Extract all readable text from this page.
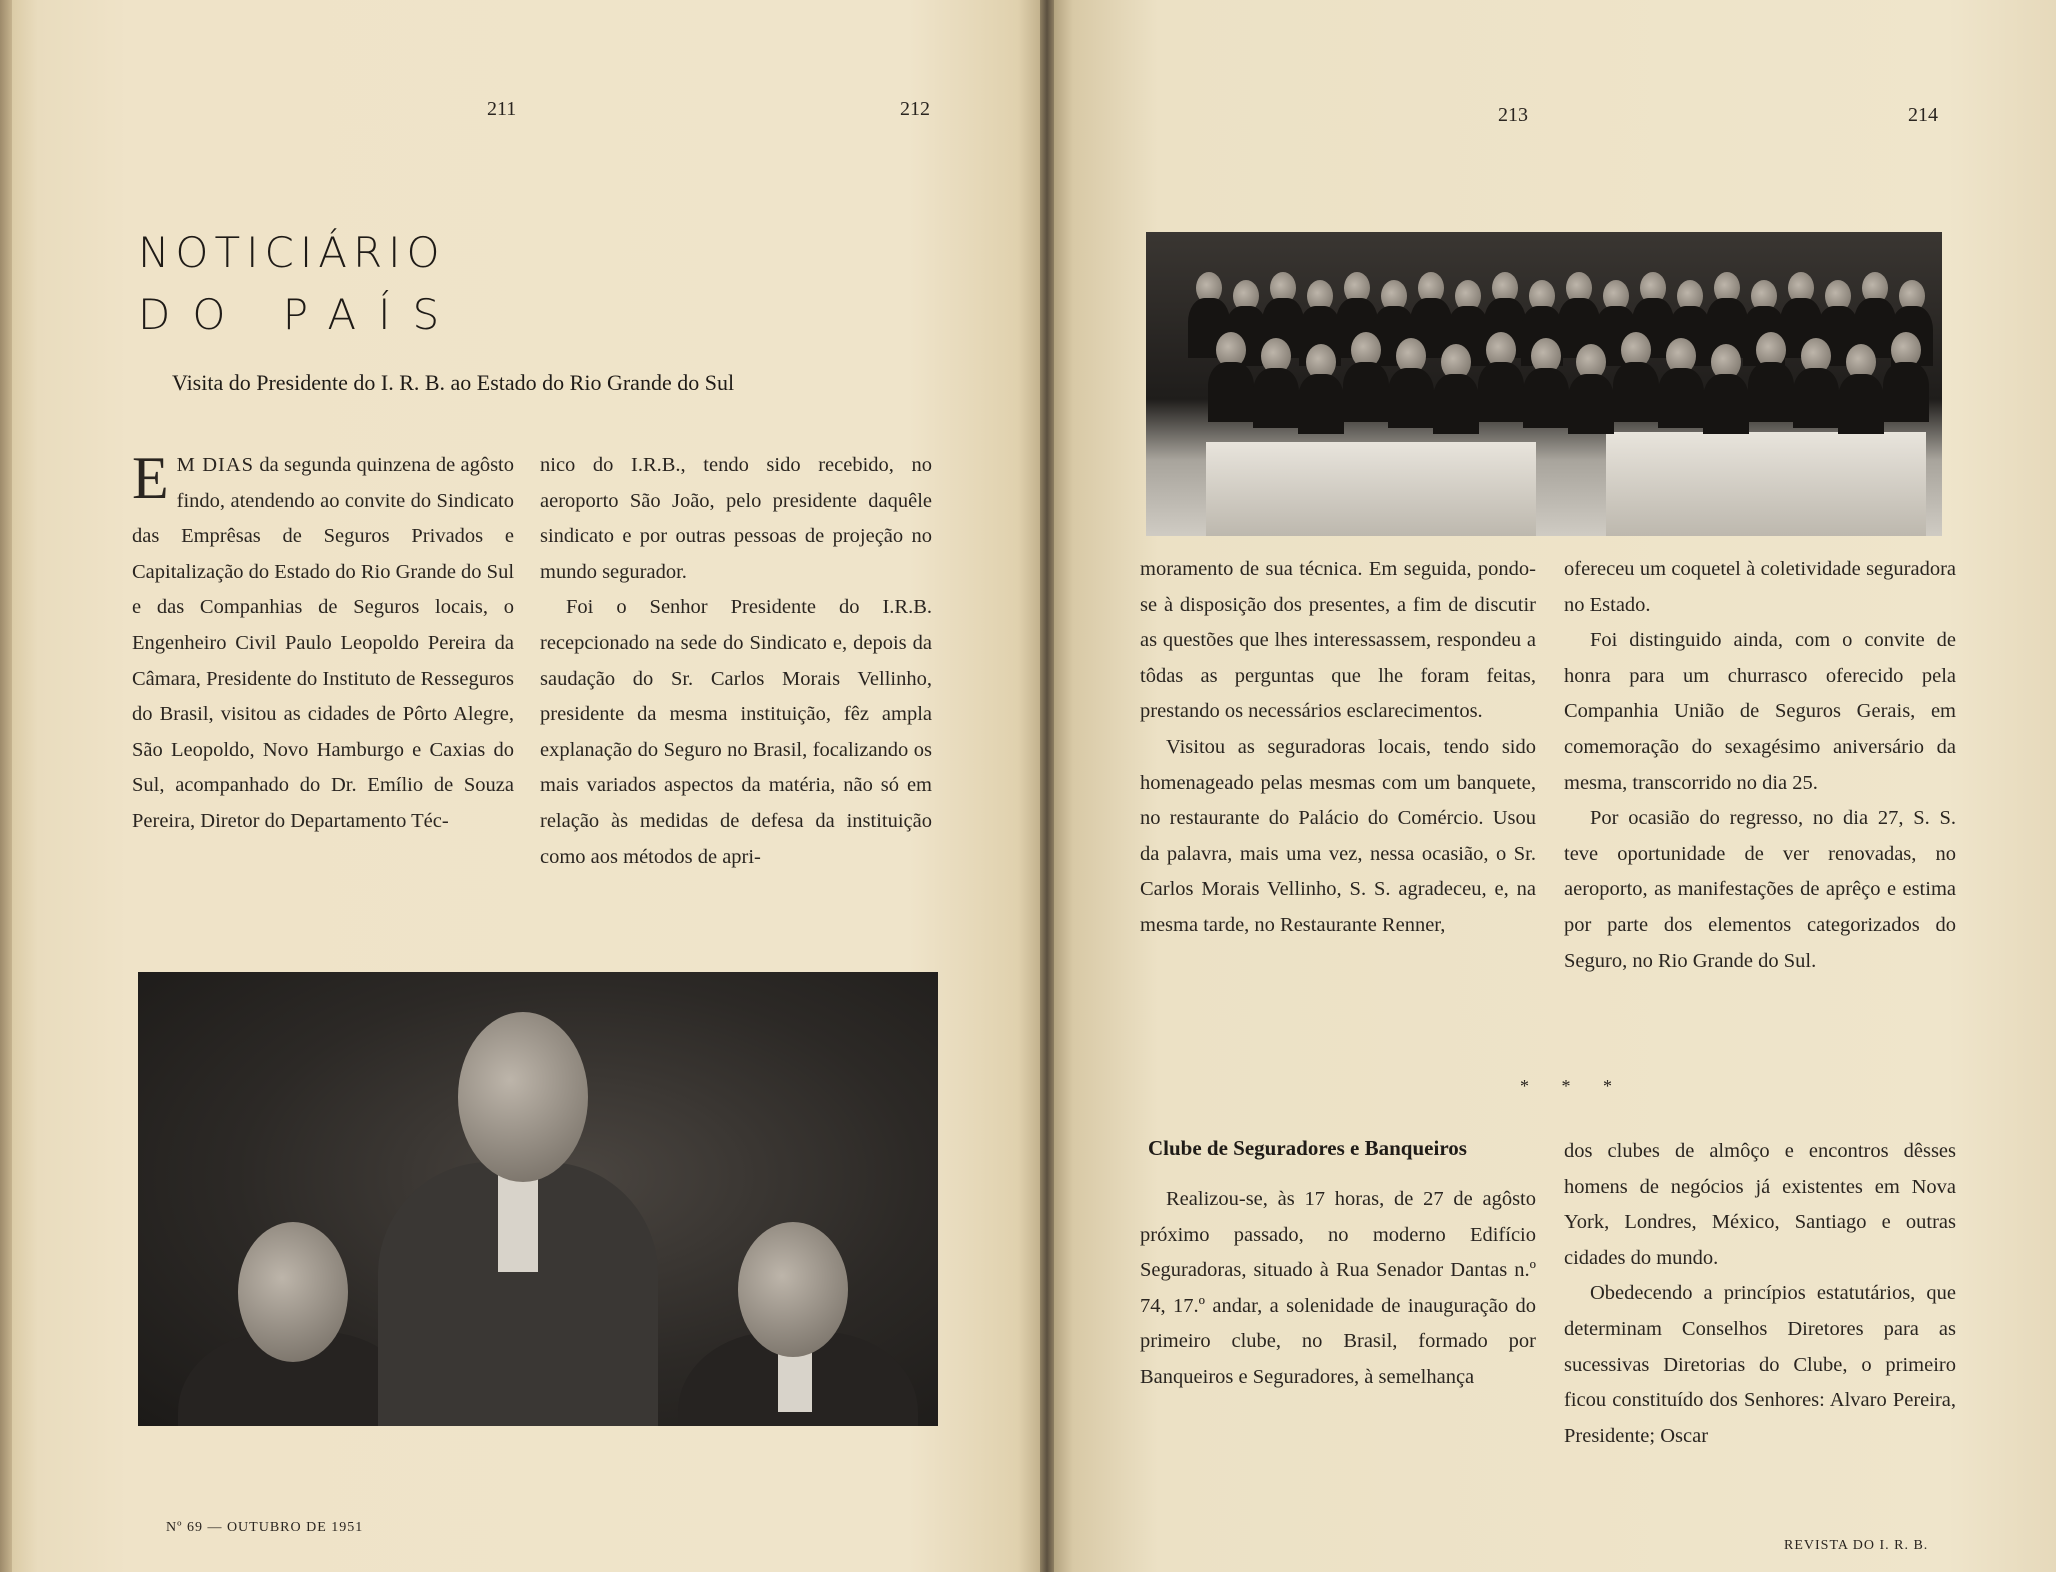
211	212	213	214
NOTICIÁRIO
DO PAÍS
Visita do Presidente do I. R. B. ao Estado do Rio Grande do Sul

E M DIAS da segunda quinzena de agôsto findo, atendendo ao convite do Sindicato das Emprêsas de Seguros Privados e Capitalização do Estado do Rio Grande do Sul e das Companhias de Seguros locais, o Engenheiro Civil Paulo Leopoldo Pereira da Câmara, Presidente do Instituto de Resseguros do Brasil, visitou as cidades de Pôrto Alegre, São Leopoldo, Novo Hamburgo e Caxias do Sul, acompanhado do Dr. Emílio de Souza Pereira, Diretor do Departamento Téc-

nico do I.R.B., tendo sido recebido, no aeroporto São João, pelo presidente daquêle sindicato e por outras pessoas de projeção no mundo segurador.

Foi o Senhor Presidente do I.R.B. recepcionado na sede do Sindicato e, depois da saudação do Sr. Carlos Morais Vellinho, presidente da mesma instituição, fêz ampla explanação do Seguro no Brasil, focalizando os mais variados aspectos da matéria, não só em relação às medidas de defesa da instituição como aos métodos de apri-

moramento de sua técnica. Em seguida, pondo-se à disposição dos presentes, a fim de discutir as questões que lhes interessassem, respondeu a tôdas as perguntas que lhe foram feitas, prestando os necessários esclarecimentos.

Visitou as seguradoras locais, tendo sido homenageado pelas mesmas com um banquete, no restaurante do Palácio do Comércio. Usou da palavra, mais uma vez, nessa ocasião, o Sr. Carlos Morais Vellinho, S. S. agradeceu, e, na mesma tarde, no Restaurante Renner,

ofereceu um coquetel à coletividade seguradora no Estado.

Foi distinguido ainda, com o convite de honra para um churrasco oferecido pela Companhia União de Seguros Gerais, em comemoração do sexagésimo aniversário da mesma, transcorrido no dia 25.

Por ocasião do regresso, no dia 27, S. S. teve oportunidade de ver renovadas, no aeroporto, as manifestações de aprêço e estima por parte dos elementos categorizados do Seguro, no Rio Grande do Sul.

* * *
Clube de Seguradores e Banqueiros

Realizou-se, às 17 horas, de 27 de agôsto próximo passado, no moderno Edifício Seguradoras, situado à Rua Senador Dantas n.º 74, 17.º andar, a solenidade de inauguração do primeiro clube, no Brasil, formado por Banqueiros e Seguradores, à semelhança

dos clubes de almôço e encontros dêsses homens de negócios já existentes em Nova York, Londres, México, Santiago e outras cidades do mundo.

Obedecendo a princípios estatutários, que determinam Conselhos Diretores para as sucessivas Diretorias do Clube, o primeiro ficou constituído dos Senhores: Alvaro Pereira, Presidente; Oscar

Nº 69 — OUTUBRO DE 1951
REVISTA DO I. R. B.
